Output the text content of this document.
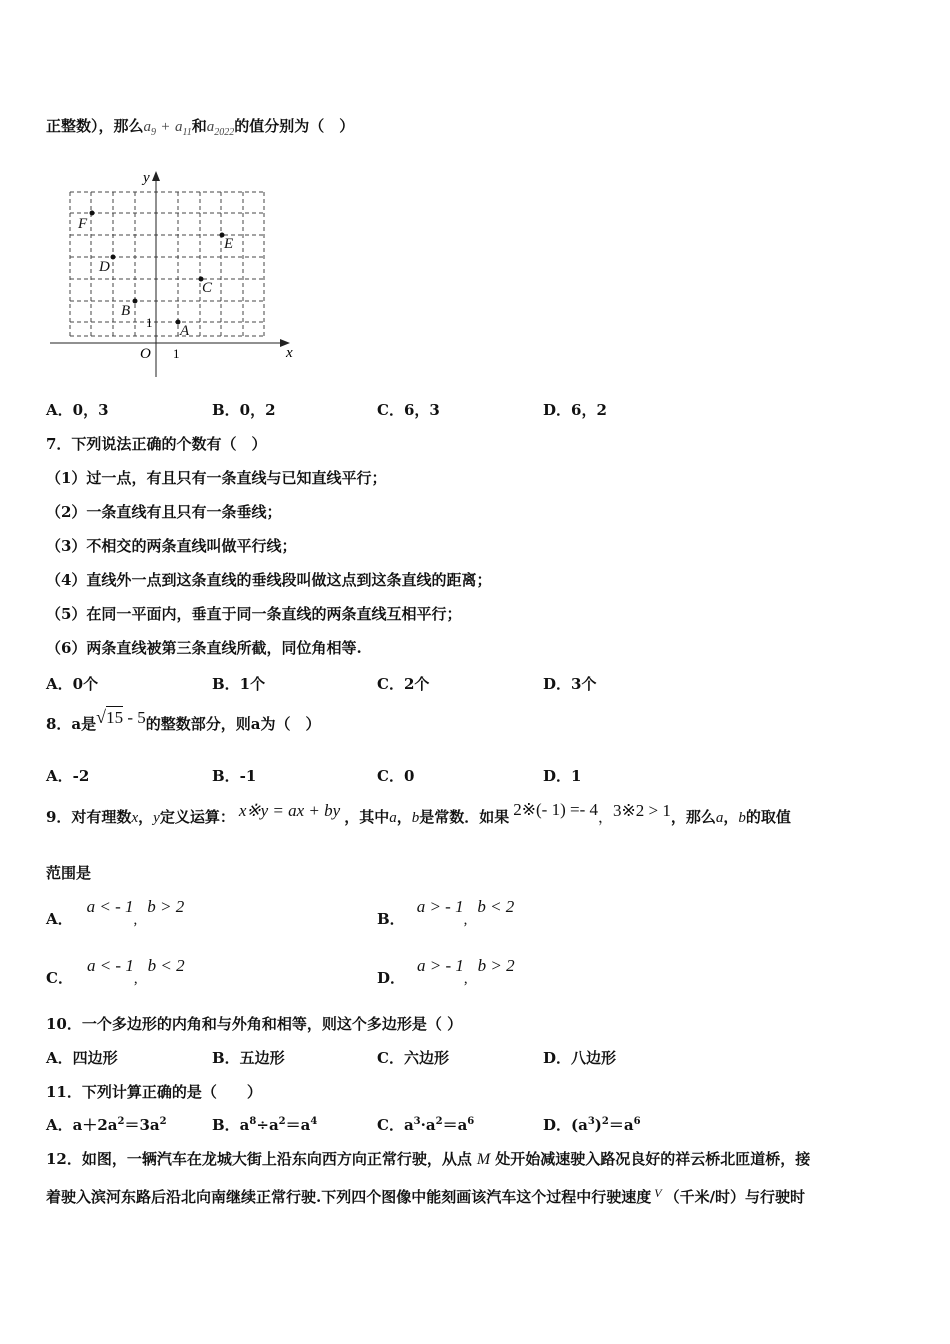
正整数），那么$a_9 + a_{11}$和$a_{2022}$的值分别为（　）
x
y
O 1
1
F
E
D
C
B
A
A．0，3	B．0，2	C．6，3	D．6，2
7．下列说法正确的个数有（　）
（1）过一点，有且只有一条直线与已知直线平行；
（2）一条直线有且只有一条垂线；
（3）不相交的两条直线叫做平行线；
（4）直线外一点到这条直线的垂线段叫做这点到这条直线的距离；
（5）在同一平面内，垂直于同一条直线的两条直线互相平行；
（6）两条直线被第三条直线所截，同位角相等.
A．0个	B．1个	C．2个	D．3个
8．a是√15 - 5的整数部分，则a为（　）
A．-2	B．-1	C．0	D．1
9．对有理数x，y定义运算： x※y = ax + by ，其中a，b是常数．如果 2※(- 1) =- 4，3※2 > 1，那么a，b的取值
范围是
A．a < - 1,b > 2
B．a > - 1,b < 2
C．a < - 1,b < 2
D．a > - 1,b > 2
10．一个多边形的内角和与外角和相等，则这个多边形是（ ）
A．四边形	B．五边形	C．六边形	D．八边形
11．下列计算正确的是（　　）
A．$a+2a^2=3a^2$	B．$a^8\div a^2=a^4$	C．$a^3\cdot a^2=a^6$	D．$(a^3)^2=a^6$
12．如图，一辆汽车在龙城大街上沿东向西方向正常行驶，从点 M 处开始减速驶入路况良好的祥云桥北匝道桥，接
着驶入滨河东路后沿北向南继续正常行驶.下列四个图像中能刻画该汽车这个过程中行驶速度 $^V$ （千米/时）与行驶时
